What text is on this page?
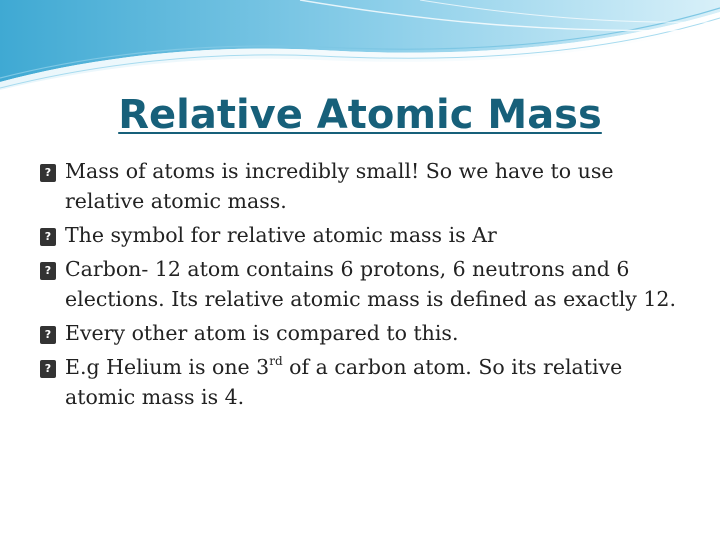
Relative Atomic Mass
? Mass of atoms is incredibly small! So we have to use relative atomic mass.
? The symbol for relative atomic mass is Ar
? Carbon- 12 atom contains 6 protons, 6 neutrons and 6 elections. Its relative atomic mass is defined as exactly 12.
? Every other atom is compared to this.
? E.g Helium is one 3rd of a carbon atom. So its relative atomic mass is 4.
